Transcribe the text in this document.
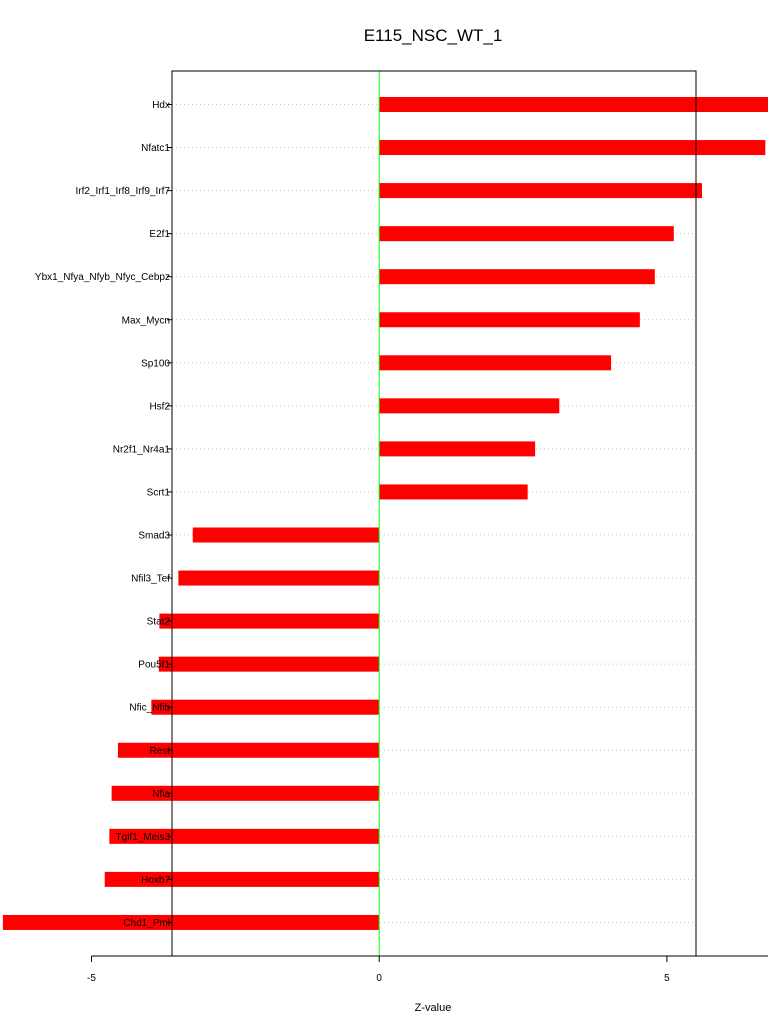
E115_NSC_WT_1
Hdx
Nfatc1
Irf2_Irf1_Irf8_Irf9_Irf7
E2f1
Ybx1_Nfya_Nfyb_Nfyc_Cebpz
Max_Mycn
Sp100
Hsf2
Nr2f1_Nr4a1
Scrt1
Smad3
Nfil3_Tef
Stat2
Pou5f1
Nfic_Nfib
Rest
Nfia
Tgif1_Meis3
Hoxb7
Chd1_Pml
-5	0	5
Z-value
